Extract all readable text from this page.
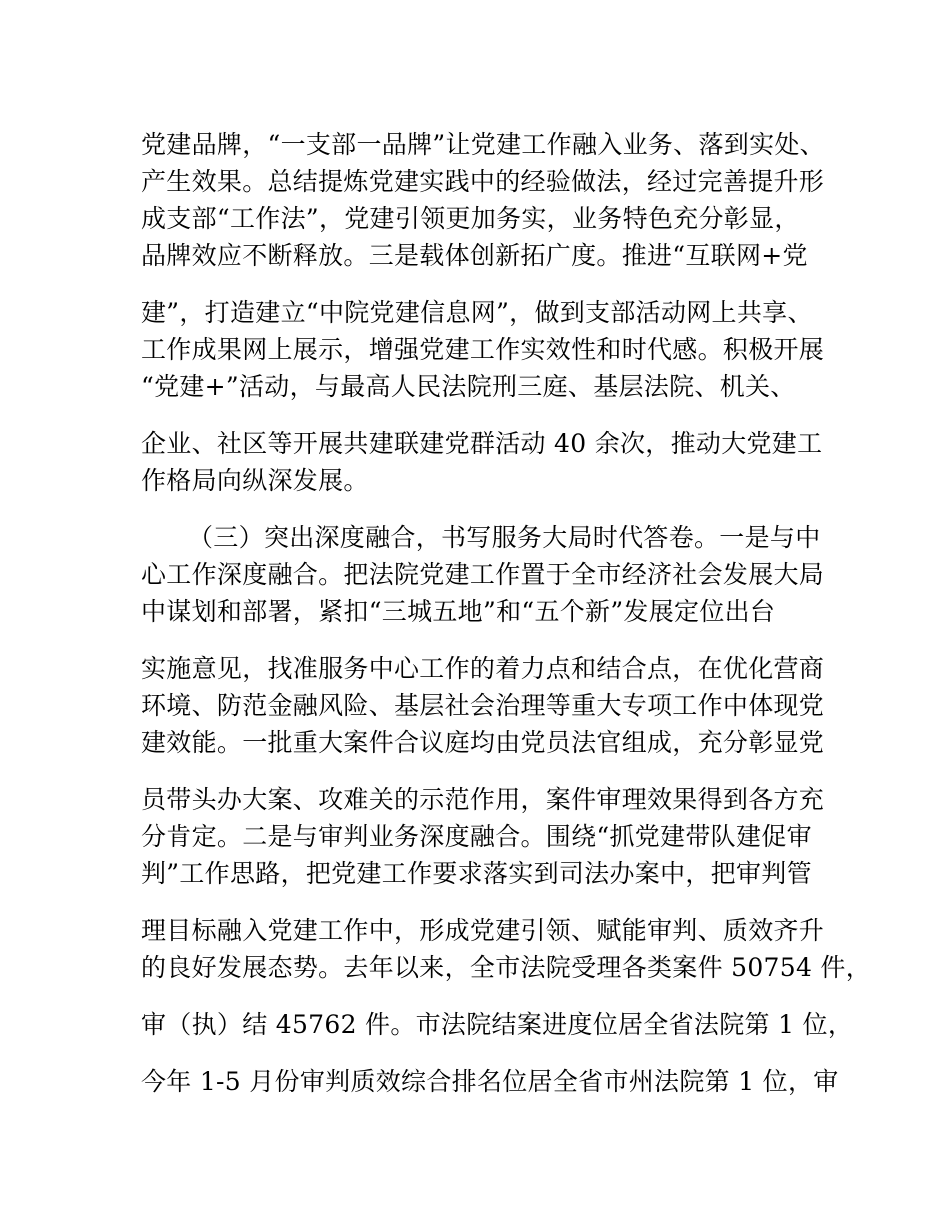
党建品牌，“一支部一品牌”让党建工作融入业务、落到实处、
产生效果。总结提炼党建实践中的经验做法，经过完善提升形
成支部“工作法”，党建引领更加务实，业务特色充分彰显，
品牌效应不断释放。三是载体创新拓广度。推进“互联网+党
建”，打造建立“中院党建信息网”，做到支部活动网上共享、
工作成果网上展示，增强党建工作实效性和时代感。积极开展
“党建+”活动，与最高人民法院刑三庭、基层法院、机关、
企业、社区等开展共建联建党群活动 40 余次，推动大党建工
作格局向纵深发展。
（三）突出深度融合，书写服务大局时代答卷。一是与中
心工作深度融合。把法院党建工作置于全市经济社会发展大局
中谋划和部署，紧扣“三城五地”和“五个新”发展定位出台
实施意见，找准服务中心工作的着力点和结合点，在优化营商
环境、防范金融风险、基层社会治理等重大专项工作中体现党
建效能。一批重大案件合议庭均由党员法官组成，充分彰显党
员带头办大案、攻难关的示范作用，案件审理效果得到各方充
分肯定。二是与审判业务深度融合。围绕“抓党建带队建促审
判”工作思路，把党建工作要求落实到司法办案中，把审判管
理目标融入党建工作中，形成党建引领、赋能审判、质效齐升
的良好发展态势。去年以来，全市法院受理各类案件 50754 件，
审（执）结 45762 件。市法院结案进度位居全省法院第 1 位，
今年 1-5 月份审判质效综合排名位居全省市州法院第 1 位，审
